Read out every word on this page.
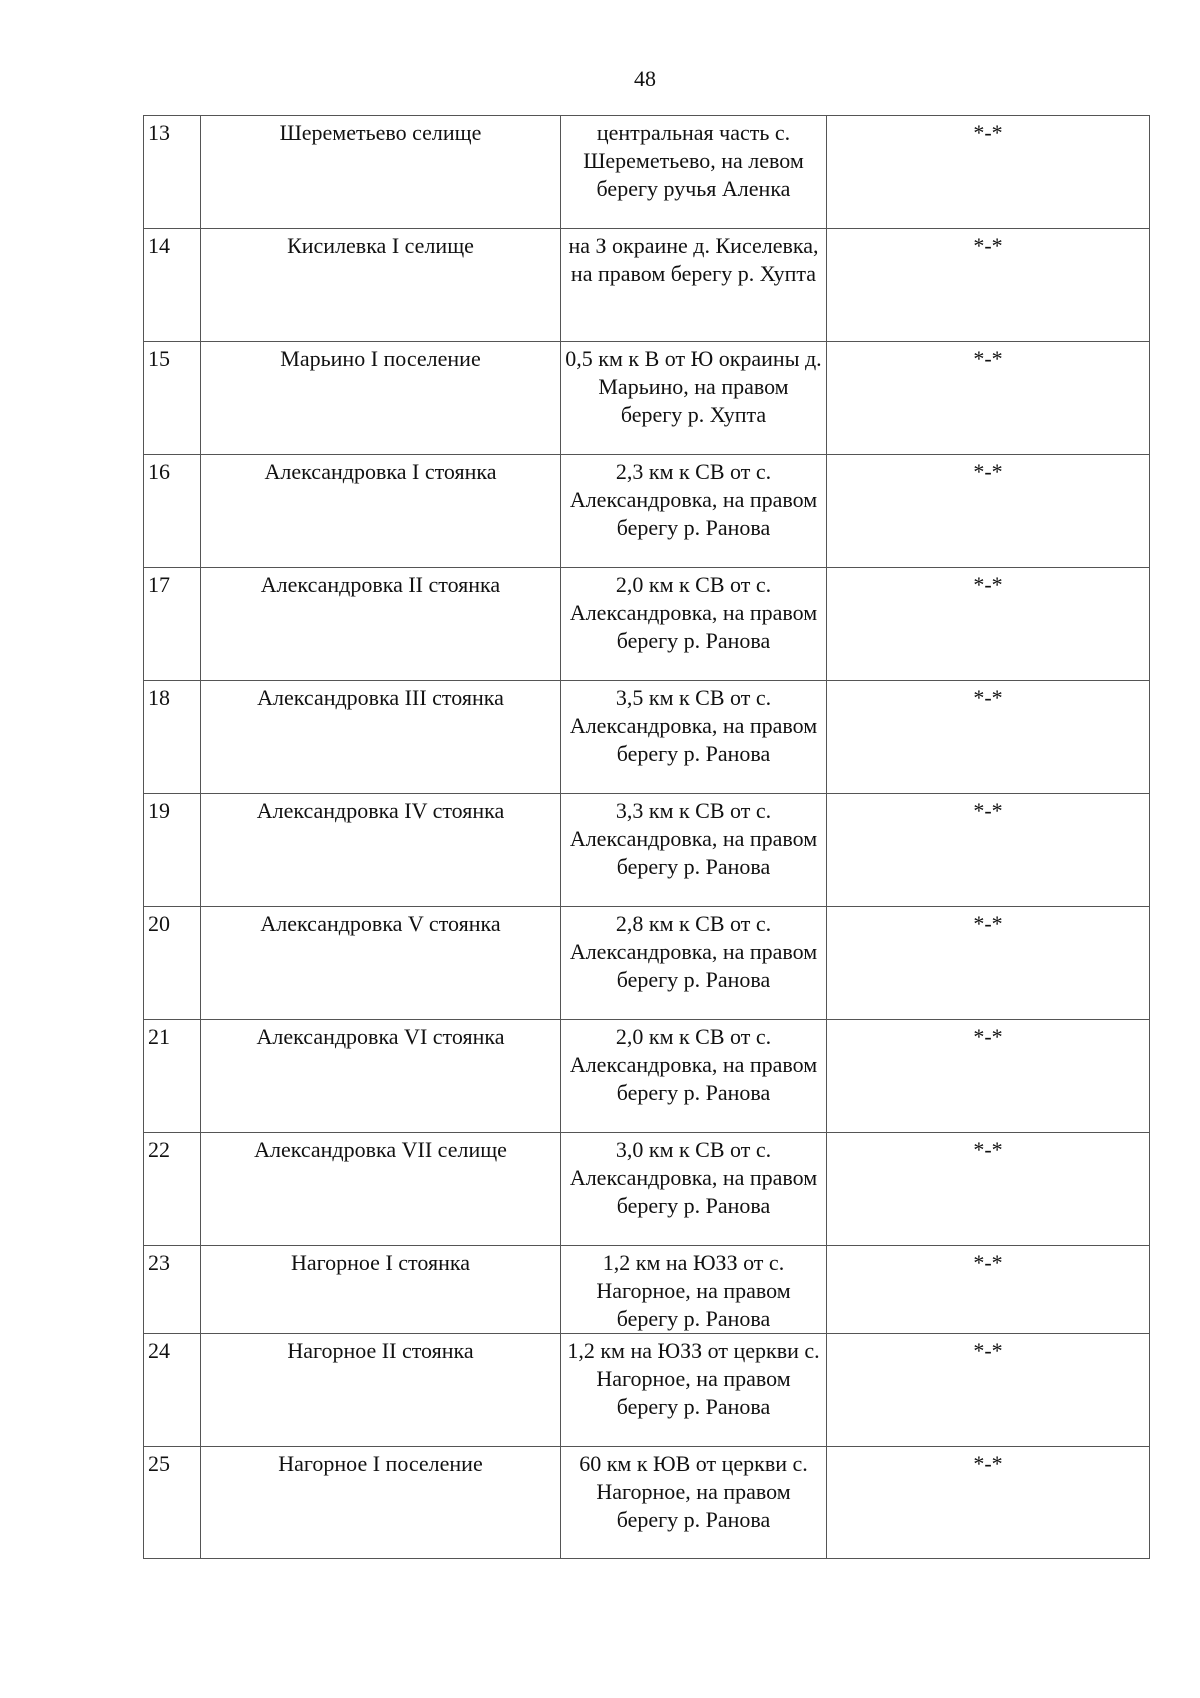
48
13	Шереметьево селище	центральная часть с. Шереметьево, на левом берегу ручья Аленка	*-*
14	Кисилевка I селище	на З окраине д. Киселевка, на правом берегу р. Хупта	*-*
15	Марьино I поселение	0,5 км к В от Ю окраины д. Марьино, на правом берегу р. Хупта	*-*
16	Александровка I стоянка	2,3 км к СВ от с. Александровка, на правом берегу р. Ранова	*-*
17	Александровка II стоянка	2,0 км к СВ от с. Александровка, на правом берегу р. Ранова	*-*
18	Александровка III стоянка	3,5 км к СВ от с. Александровка, на правом берегу р. Ранова	*-*
19	Александровка IV стоянка	3,3 км к СВ от с. Александровка, на правом берегу р. Ранова	*-*
20	Александровка V стоянка	2,8 км к СВ от с. Александровка, на правом берегу р. Ранова	*-*
21	Александровка VI стоянка	2,0 км к СВ от с. Александровка, на правом берегу р. Ранова	*-*
22	Александровка VII селище	3,0 км к СВ от с. Александровка, на правом берегу р. Ранова	*-*
23	Нагорное I стоянка	1,2 км на ЮЗЗ от с. Нагорное, на правом берегу р. Ранова	*-*
24	Нагорное II стоянка	1,2 км на ЮЗЗ от церкви с. Нагорное, на правом берегу р. Ранова	*-*
25	Нагорное I поселение	60 км к ЮВ от церкви с. Нагорное, на правом берегу р. Ранова	*-*
